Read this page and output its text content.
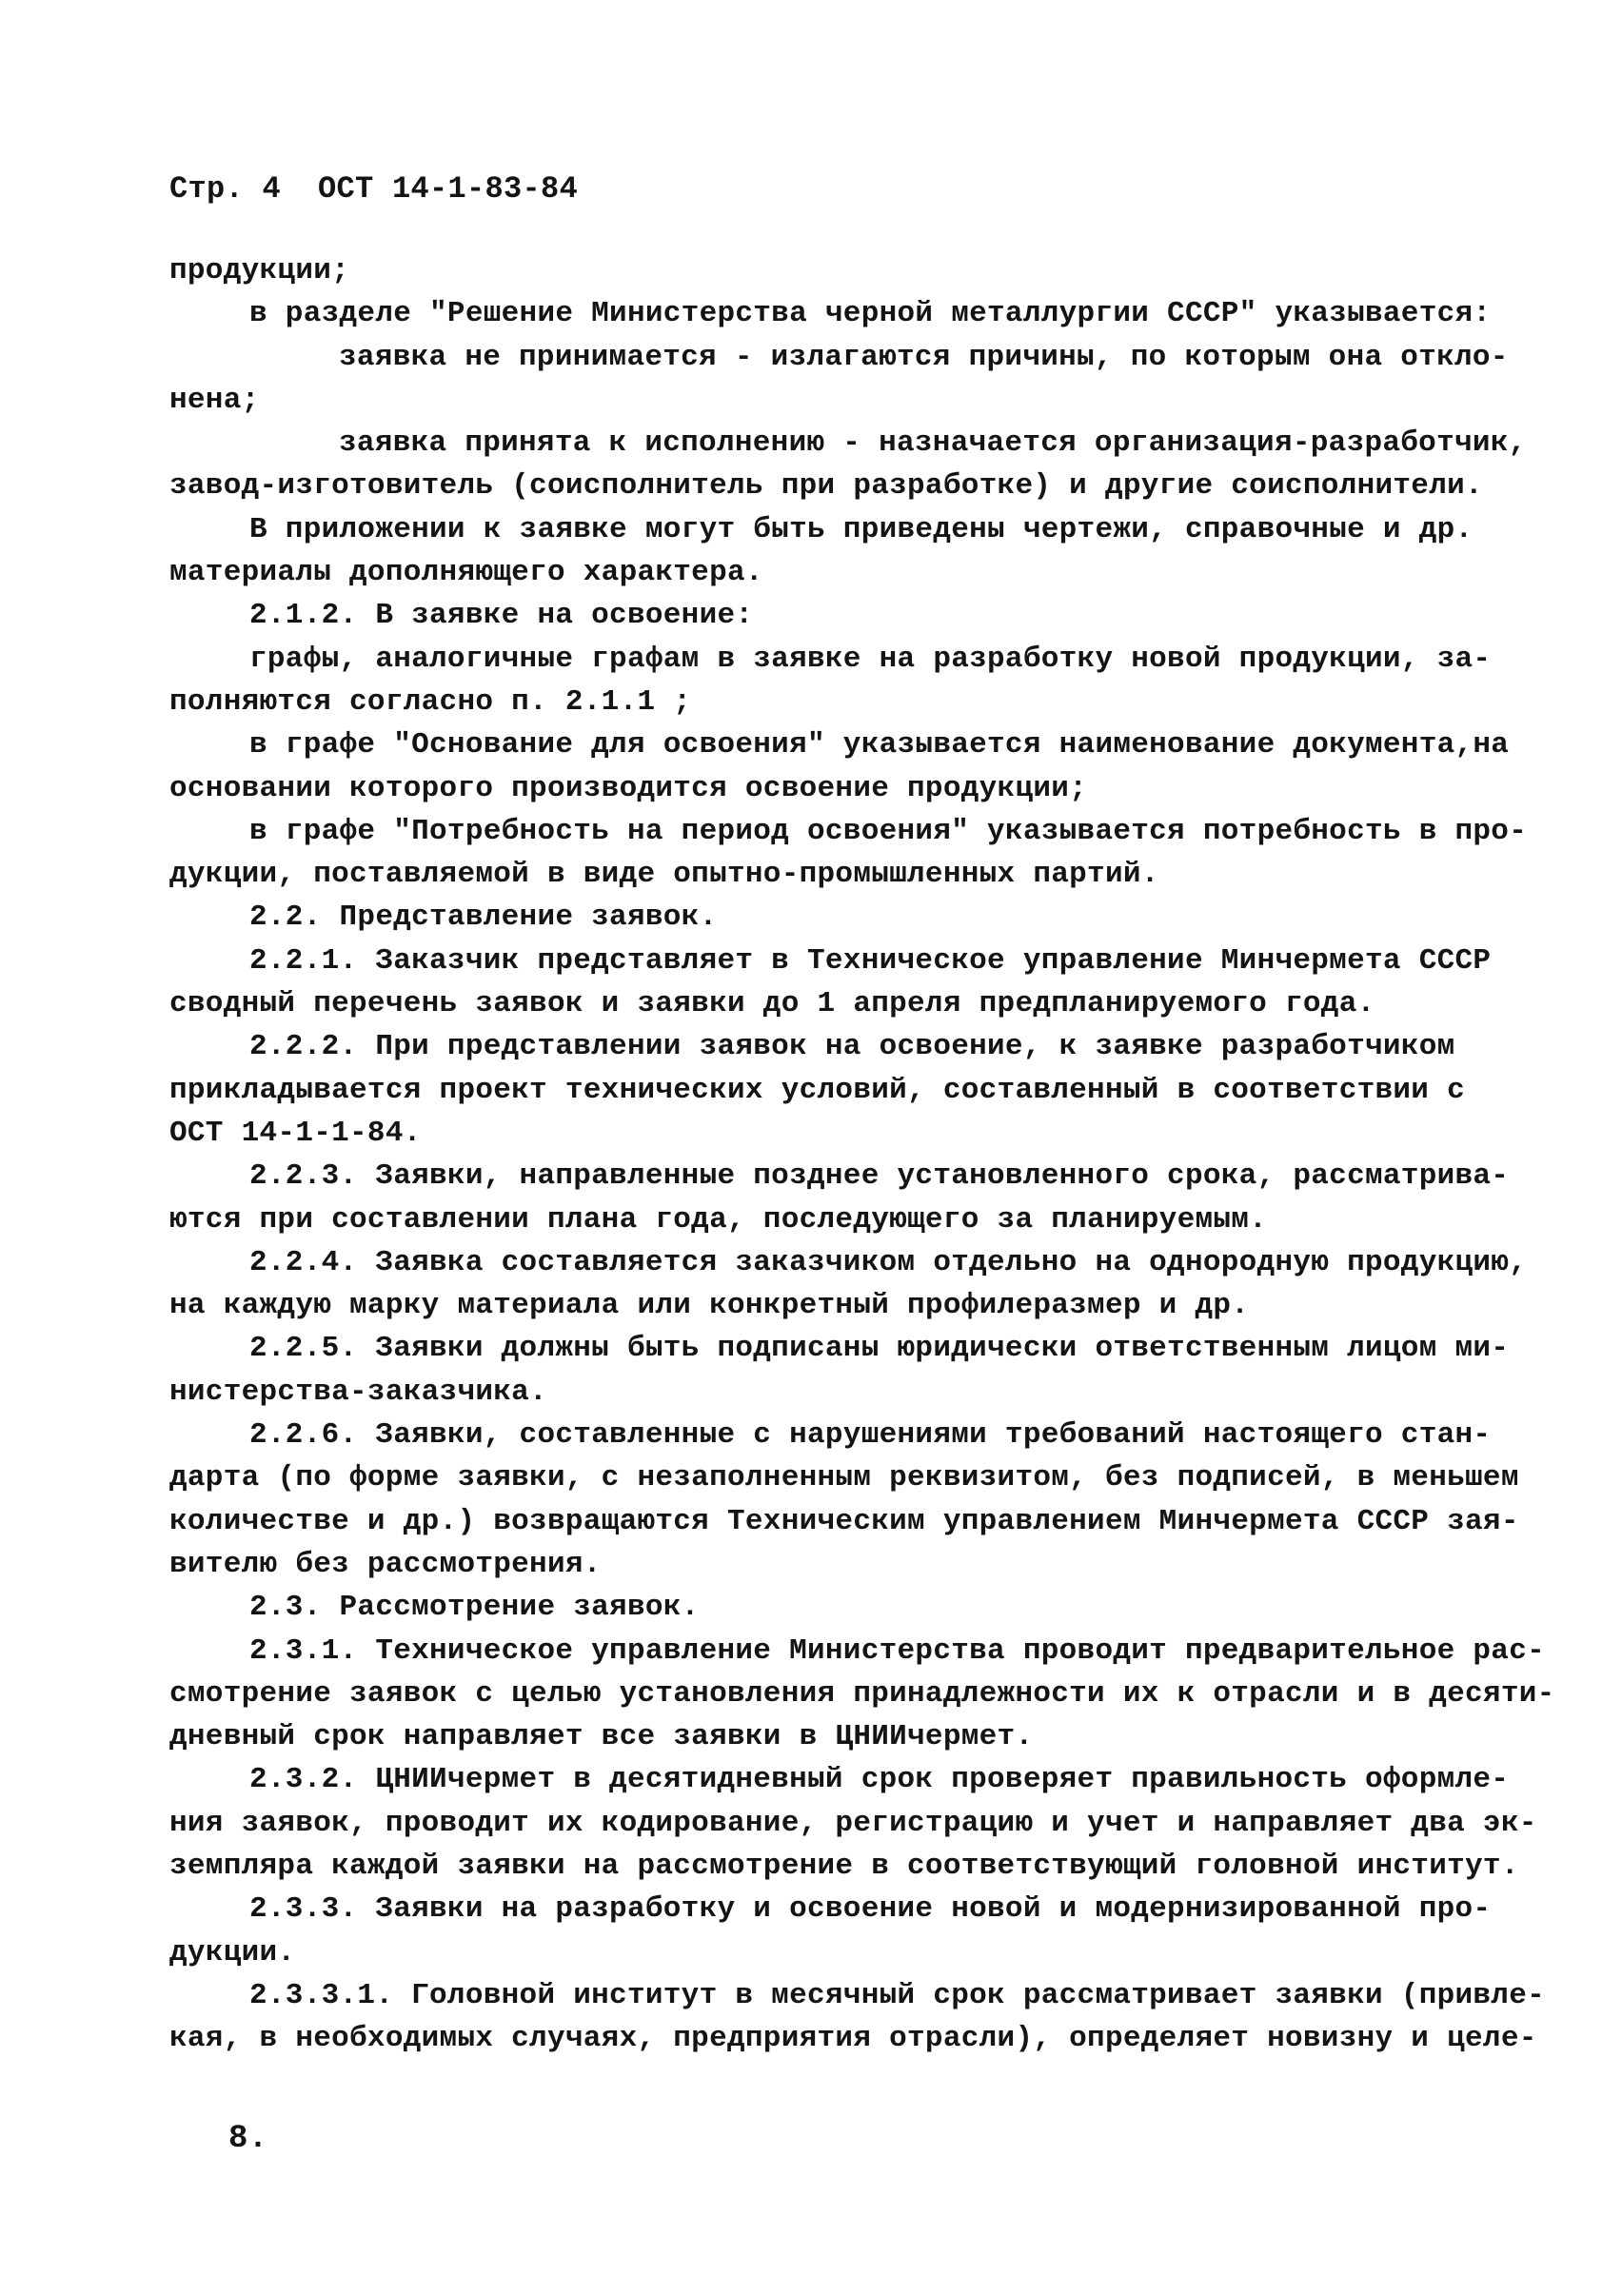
Стр. 4  ОСТ 14-1-83-84
продукции;
в разделе "Решение Министерства черной металлургии СССР" указывается:
заявка не принимается - излагаются причины, по которым она откло-
нена;
заявка принята к исполнению - назначается организация-разработчик,
завод-изготовитель (соисполнитель при разработке) и другие соисполнители.
В приложении к заявке могут быть приведены чертежи, справочные и др.
материалы дополняющего характера.
2.1.2. В заявке на освоение:
графы, аналогичные графам в заявке на разработку новой продукции, за-
полняются согласно п. 2.1.1 ;
в графе "Основание для освоения" указывается наименование документа,на
основании которого производится освоение продукции;
в графе "Потребность на период освоения" указывается потребность в про-
дукции, поставляемой в виде опытно-промышленных партий.
2.2. Представление заявок.
2.2.1. Заказчик представляет в Техническое управление Минчермета СССР
сводный перечень заявок и заявки до 1 апреля предпланируемого года.
2.2.2. При представлении заявок на освоение, к заявке разработчиком
прикладывается проект технических условий, составленный в соответствии с
ОСТ 14-1-1-84.
2.2.3. Заявки, направленные позднее установленного срока, рассматрива-
ются при составлении плана года, последующего за планируемым.
2.2.4. Заявка составляется заказчиком отдельно на однородную продукцию,
на каждую марку материала или конкретный профилеразмер и др.
2.2.5. Заявки должны быть подписаны юридически ответственным лицом ми-
нистерства-заказчика.
2.2.6. Заявки, составленные с нарушениями требований настоящего стан-
дарта (по форме заявки, с незаполненным реквизитом, без подписей, в меньшем
количестве и др.) возвращаются Техническим управлением Минчермета СССР зая-
вителю без рассмотрения.
2.3. Рассмотрение заявок.
2.3.1. Техническое управление Министерства проводит предварительное рас-
смотрение заявок с целью установления принадлежности их к отрасли и в десяти-
дневный срок направляет все заявки в ЦНИИчермет.
2.3.2. ЦНИИчермет в десятидневный срок проверяет правильность оформле-
ния заявок, проводит их кодирование, регистрацию и учет и направляет два эк-
земпляра каждой заявки на рассмотрение в соответствующий головной институт.
2.3.3. Заявки на разработку и освоение новой и модернизированной про-
дукции.
2.3.3.1. Головной институт в месячный срок рассматривает заявки (привле-
кая, в необходимых случаях, предприятия отрасли), определяет новизну и целе-
8.
